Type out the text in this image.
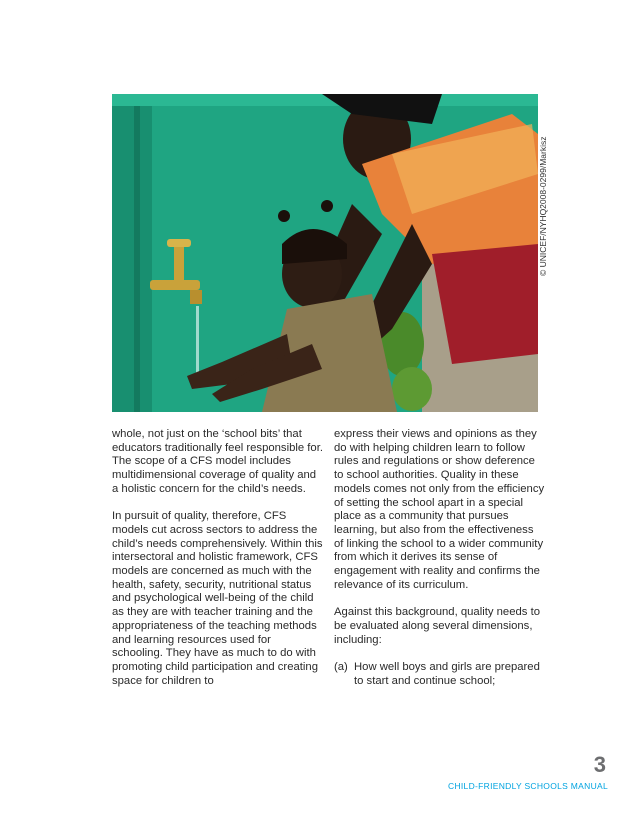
© UNICEF/NYHQ2008-0299/Markisz

whole, not just on the ‘school bits’ that educators traditionally feel responsible for. The scope of a CFS model includes multidimensional coverage of quality and a holistic concern for the child’s needs.

In pursuit of quality, therefore, CFS models cut across sectors to address the child’s needs comprehensively. Within this intersectoral and holistic framework, CFS models are concerned as much with the health, safety, security, nutritional status and psychological well-being of the child as they are with teacher training and the appropriateness of the teaching methods and learning resources used for schooling. They have as much to do with promoting child participation and creating space for children to

express their views and opinions as they do with helping children learn to follow rules and regulations or show deference to school authorities. Quality in these models comes not only from the efficiency of setting the school apart in a special place as a community that pursues learning, but also from the effectiveness of linking the school to a wider community from which it derives its sense of engagement with reality and confirms the relevance of its curriculum.

Against this background, quality needs to be evaluated along several dimensions, including:

(a) How well boys and girls are prepared to start and continue school;
3
CHILD-FRIENDLY SCHOOLS MANUAL
